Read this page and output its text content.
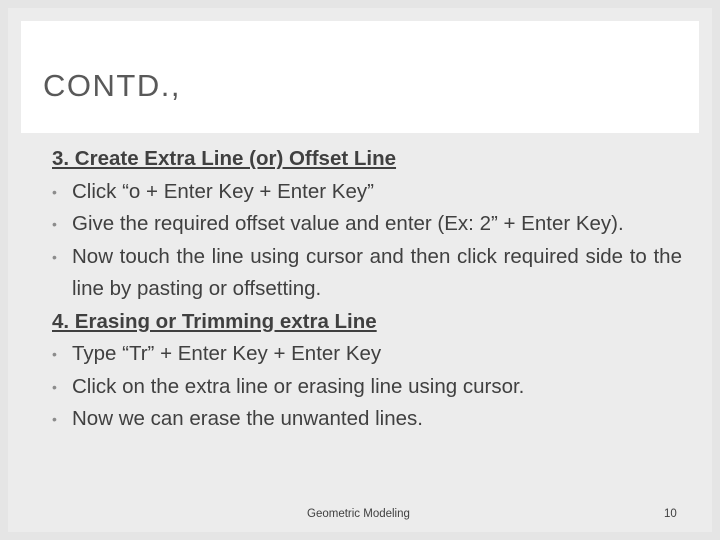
CONTD.,
3. Create Extra Line (or) Offset Line
• Click “o + Enter Key + Enter Key”
• Give the required offset value and enter (Ex: 2” + Enter Key).
• Now touch the line using cursor and then click required side to the line by pasting or offsetting.
4. Erasing or Trimming extra Line
• Type “Tr” + Enter Key + Enter Key
• Click on the extra line or erasing line using cursor.
• Now we can erase the unwanted lines.
Geometric Modeling	10
